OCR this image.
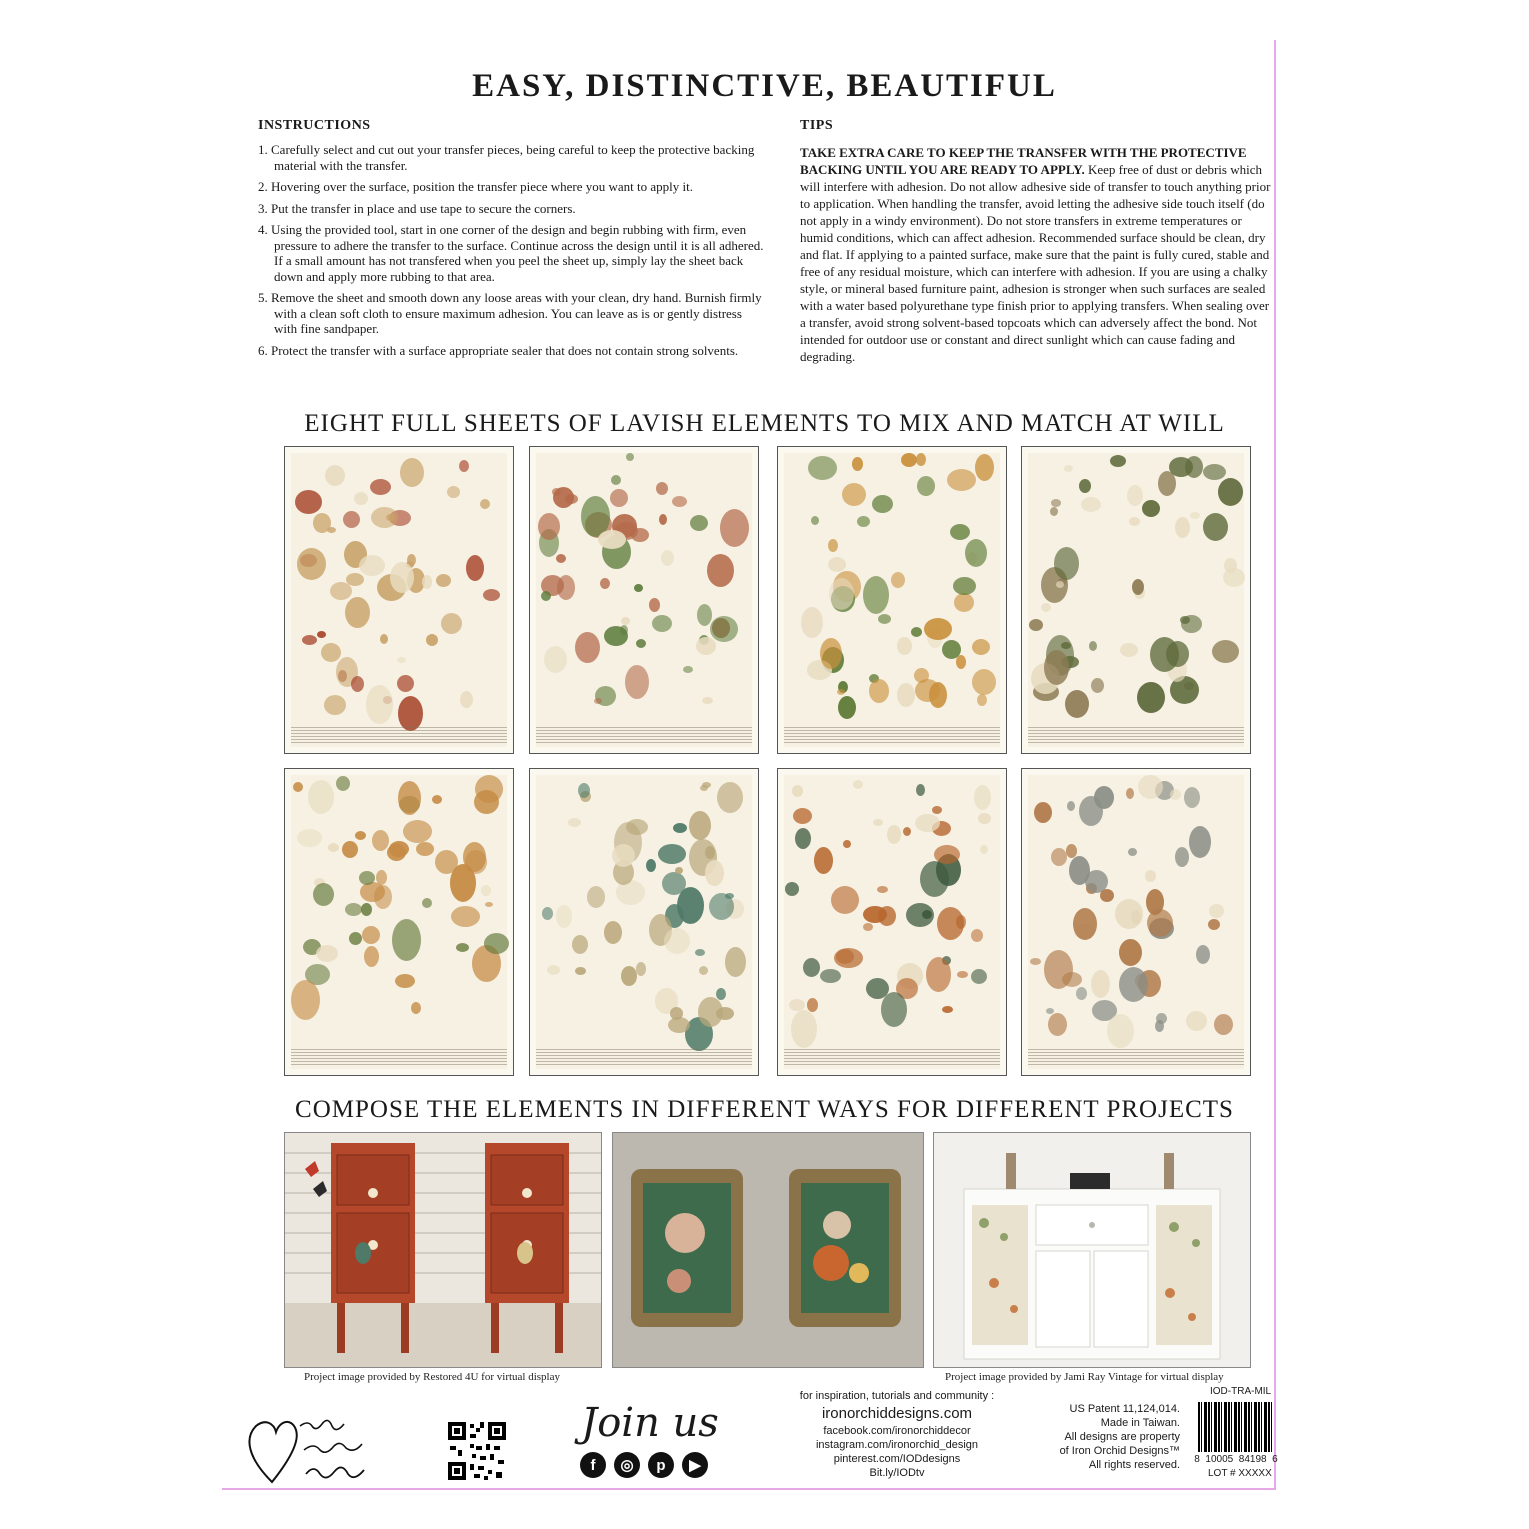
EASY, DISTINCTIVE, BEAUTIFUL
INSTRUCTIONS
1. Carefully select and cut out your transfer pieces, being careful to keep the protective backing material with the transfer.
2. Hovering over the surface, position the transfer piece where you want to apply it.
3. Put the transfer in place and use tape to secure the corners.
4. Using the provided tool, start in one corner of the design and begin rubbing with firm, even pressure to adhere the transfer to the surface. Continue across the design until it is all adhered. If a small amount has not transfered when you peel the sheet up, simply lay the sheet back down and apply more rubbing to that area.
5. Remove the sheet and smooth down any loose areas with your clean, dry hand. Burnish firmly with a clean soft cloth to ensure maximum adhesion. You can leave as is or gently distress with fine sandpaper.
6. Protect the transfer with a surface appropriate sealer that does not contain strong solvents.
TIPS

TAKE EXTRA CARE TO KEEP THE TRANSFER WITH THE PROTECTIVE BACKING UNTIL YOU ARE READY TO APPLY. Keep free of dust or debris which will interfere with adhesion. Do not allow adhesive side of transfer to touch anything prior to application. When handling the transfer, avoid letting the adhesive side touch itself (do not apply in a windy environment). Do not store transfers in extreme temperatures or humid conditions, which can affect adhesion. Recommended surface should be clean, dry and flat. If applying to a painted surface, make sure that the paint is fully cured, stable and free of any residual moisture, which can interfere with adhesion. If you are using a chalky style, or mineral based furniture paint, adhesion is stronger when such surfaces are sealed with a water based polyurethane type finish prior to applying transfers. When sealing over a transfer, avoid strong solvent-based topcoats which can adversely affect the bond. Not intended for outdoor use or constant and direct sunlight which can cause fading and degrading.

EIGHT FULL SHEETS OF LAVISH ELEMENTS TO MIX AND MATCH AT WILL
COMPOSE THE ELEMENTS IN DIFFERENT WAYS FOR DIFFERENT PROJECTS
Project image provided by Restored 4U for virtual display	Project image provided by Jami Ray Vintage for virtual display
Join us
f	◎	p	▶
for inspiration, tutorials and community :
ironorchiddesigns.com
facebook.com/ironorchiddecor
instagram.com/ironorchid_design
pinterest.com/IODdesigns
Bit.ly/IODtv
US Patent 11,124,014.
Made in Taiwan.
All designs are property
of Iron Orchid Designs™
All rights reserved.
IOD-TRA-MIL
8  10005  84198  6
LOT # XXXXX
